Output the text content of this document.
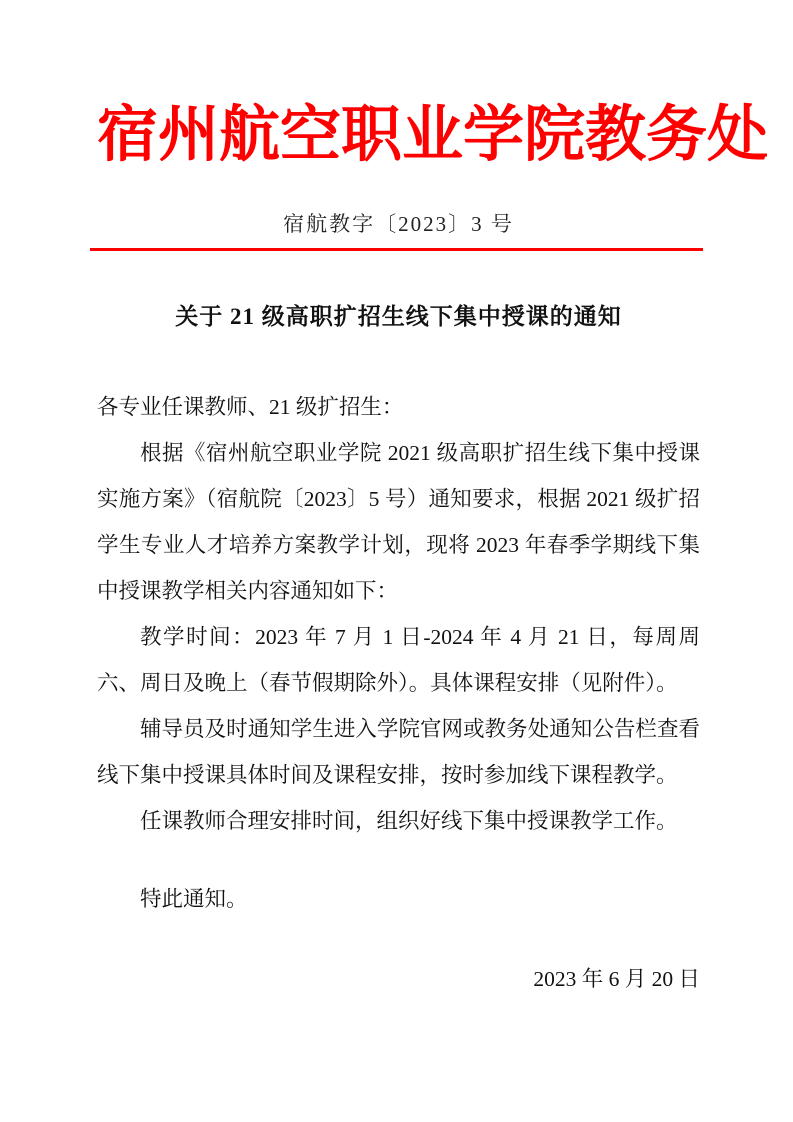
宿州航空职业学院教务处
宿航教字〔2023〕3 号
关于 21 级高职扩招生线下集中授课的通知

各专业任课教师、21 级扩招生：

根据《宿州航空职业学院 2021 级高职扩招生线下集中授课实施方案》（宿航院〔2023〕5 号）通知要求，根据 2021 级扩招学生专业人才培养方案教学计划，现将 2023 年春季学期线下集中授课教学相关内容通知如下：

教学时间：2023 年 7 月 1 日-2024 年 4 月 21 日，每周周六、周日及晚上（春节假期除外）。具体课程安排（见附件）。

辅导员及时通知学生进入学院官网或教务处通知公告栏查看线下集中授课具体时间及课程安排，按时参加线下课程教学。

任课教师合理安排时间，组织好线下集中授课教学工作。

特此通知。

2023 年 6 月 20 日
